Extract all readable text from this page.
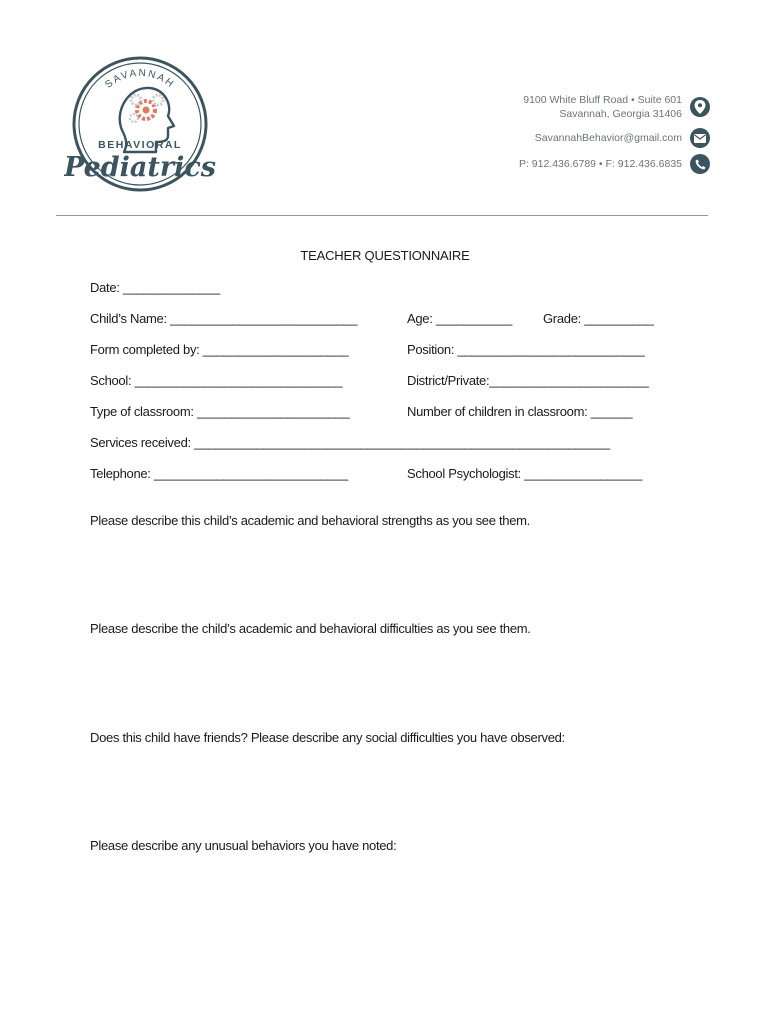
SAVANNAH
BEHAVIORAL
Pediatrics
9100 White Bluff Road • Suite 601
Savannah, Georgia 31406
SavannahBehavior@gmail.com
P: 912.436.6789 • F: 912.436.6835
TEACHER QUESTIONNAIRE
Date: ______________
Child’s Name: ___________________________	Age: ___________ Grade: __________
Form completed by: _____________________	Position: ___________________________
School: ______________________________	District/Private:_______________________
Type of classroom: ______________________	Number of children in classroom: ______
Services received: ____________________________________________________________
Telephone: ____________________________	School Psychologist: _________________
Please describe this child’s academic and behavioral strengths as you see them.
Please describe the child’s academic and behavioral difficulties as you see them.
Does this child have friends? Please describe any social difficulties you have observed:
Please describe any unusual behaviors you have noted:
